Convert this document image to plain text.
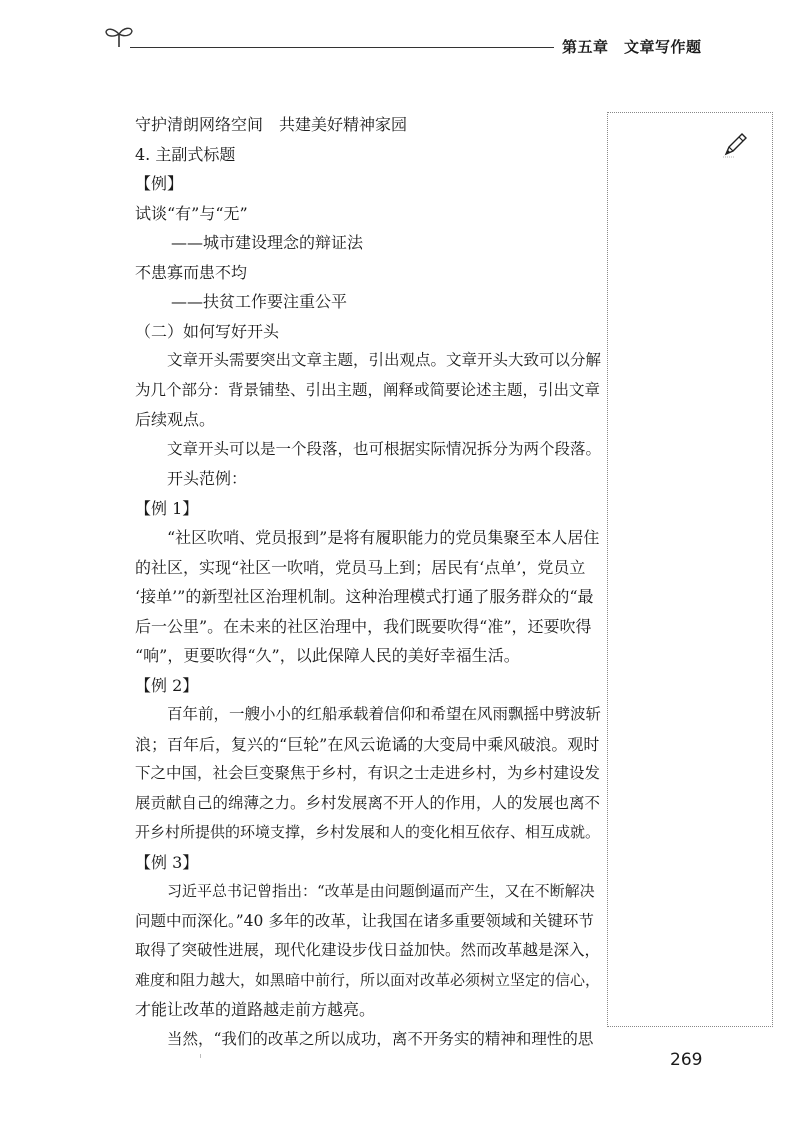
第五章　文章写作题
守护清朗网络空间　共建美好精神家园
4. 主副式标题
【例】
试谈“有”与“无”
——城市建设理念的辩证法
不患寡而患不均
——扶贫工作要注重公平
（二）如何写好开头
文章开头需要突出文章主题，引出观点。文章开头大致可以分解
为几个部分：背景铺垫、引出主题，阐释或简要论述主题，引出文章
后续观点。
文章开头可以是一个段落，也可根据实际情况拆分为两个段落。
开头范例：
【例 1】
“社区吹哨、党员报到”是将有履职能力的党员集聚至本人居住
的社区，实现“社区一吹哨，党员马上到；居民有‘点单’，党员立
‘接单’”的新型社区治理机制。这种治理模式打通了服务群众的“最
后一公里”。在未来的社区治理中，我们既要吹得“准”，还要吹得
“响”，更要吹得“久”，以此保障人民的美好幸福生活。
【例 2】
百年前，一艘小小的红船承载着信仰和希望在风雨飘摇中劈波斩
浪；百年后，复兴的“巨轮”在风云诡谲的大变局中乘风破浪。观时
下之中国，社会巨变聚焦于乡村，有识之士走进乡村，为乡村建设发
展贡献自己的绵薄之力。乡村发展离不开人的作用，人的发展也离不
开乡村所提供的环境支撑，乡村发展和人的变化相互依存、相互成就。
【例 3】
习近平总书记曾指出：“改革是由问题倒逼而产生，又在不断解决
问题中而深化。”40 多年的改革，让我国在诸多重要领域和关键环节
取得了突破性进展，现代化建设步伐日益加快。然而改革越是深入，
难度和阻力越大，如黑暗中前行，所以面对改革必须树立坚定的信心，
才能让改革的道路越走前方越亮。
当然，“我们的改革之所以成功，离不开务实的精神和理性的思
269
